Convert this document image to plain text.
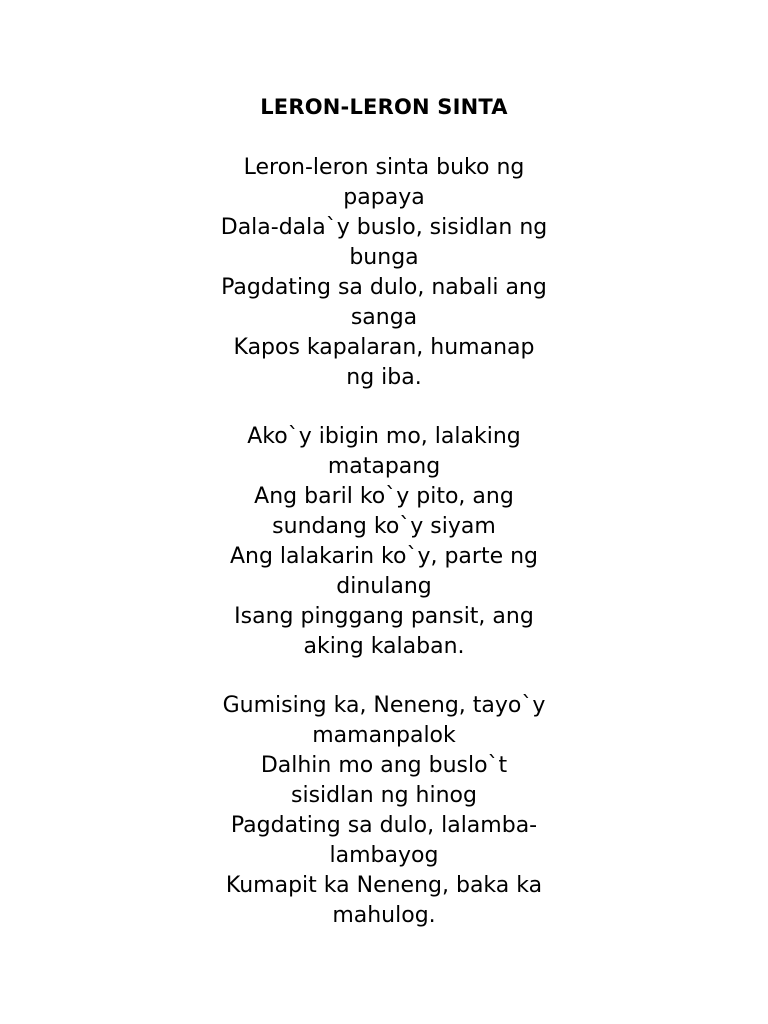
LERON-LERON SINTA
Leron-leron sinta buko ng
papaya
Dala-dala`y buslo, sisidlan ng
bunga
Pagdating sa dulo, nabali ang
sanga
Kapos kapalaran, humanap
ng iba.
Ako`y ibigin mo, lalaking
matapang
Ang baril ko`y pito, ang
sundang ko`y siyam
Ang lalakarin ko`y, parte ng
dinulang
Isang pinggang pansit, ang
aking kalaban.
Gumising ka, Neneng, tayo`y
mamanpalok
Dalhin mo ang buslo`t
sisidlan ng hinog
Pagdating sa dulo, lalamba-
lambayog
Kumapit ka Neneng, baka ka
mahulog.
